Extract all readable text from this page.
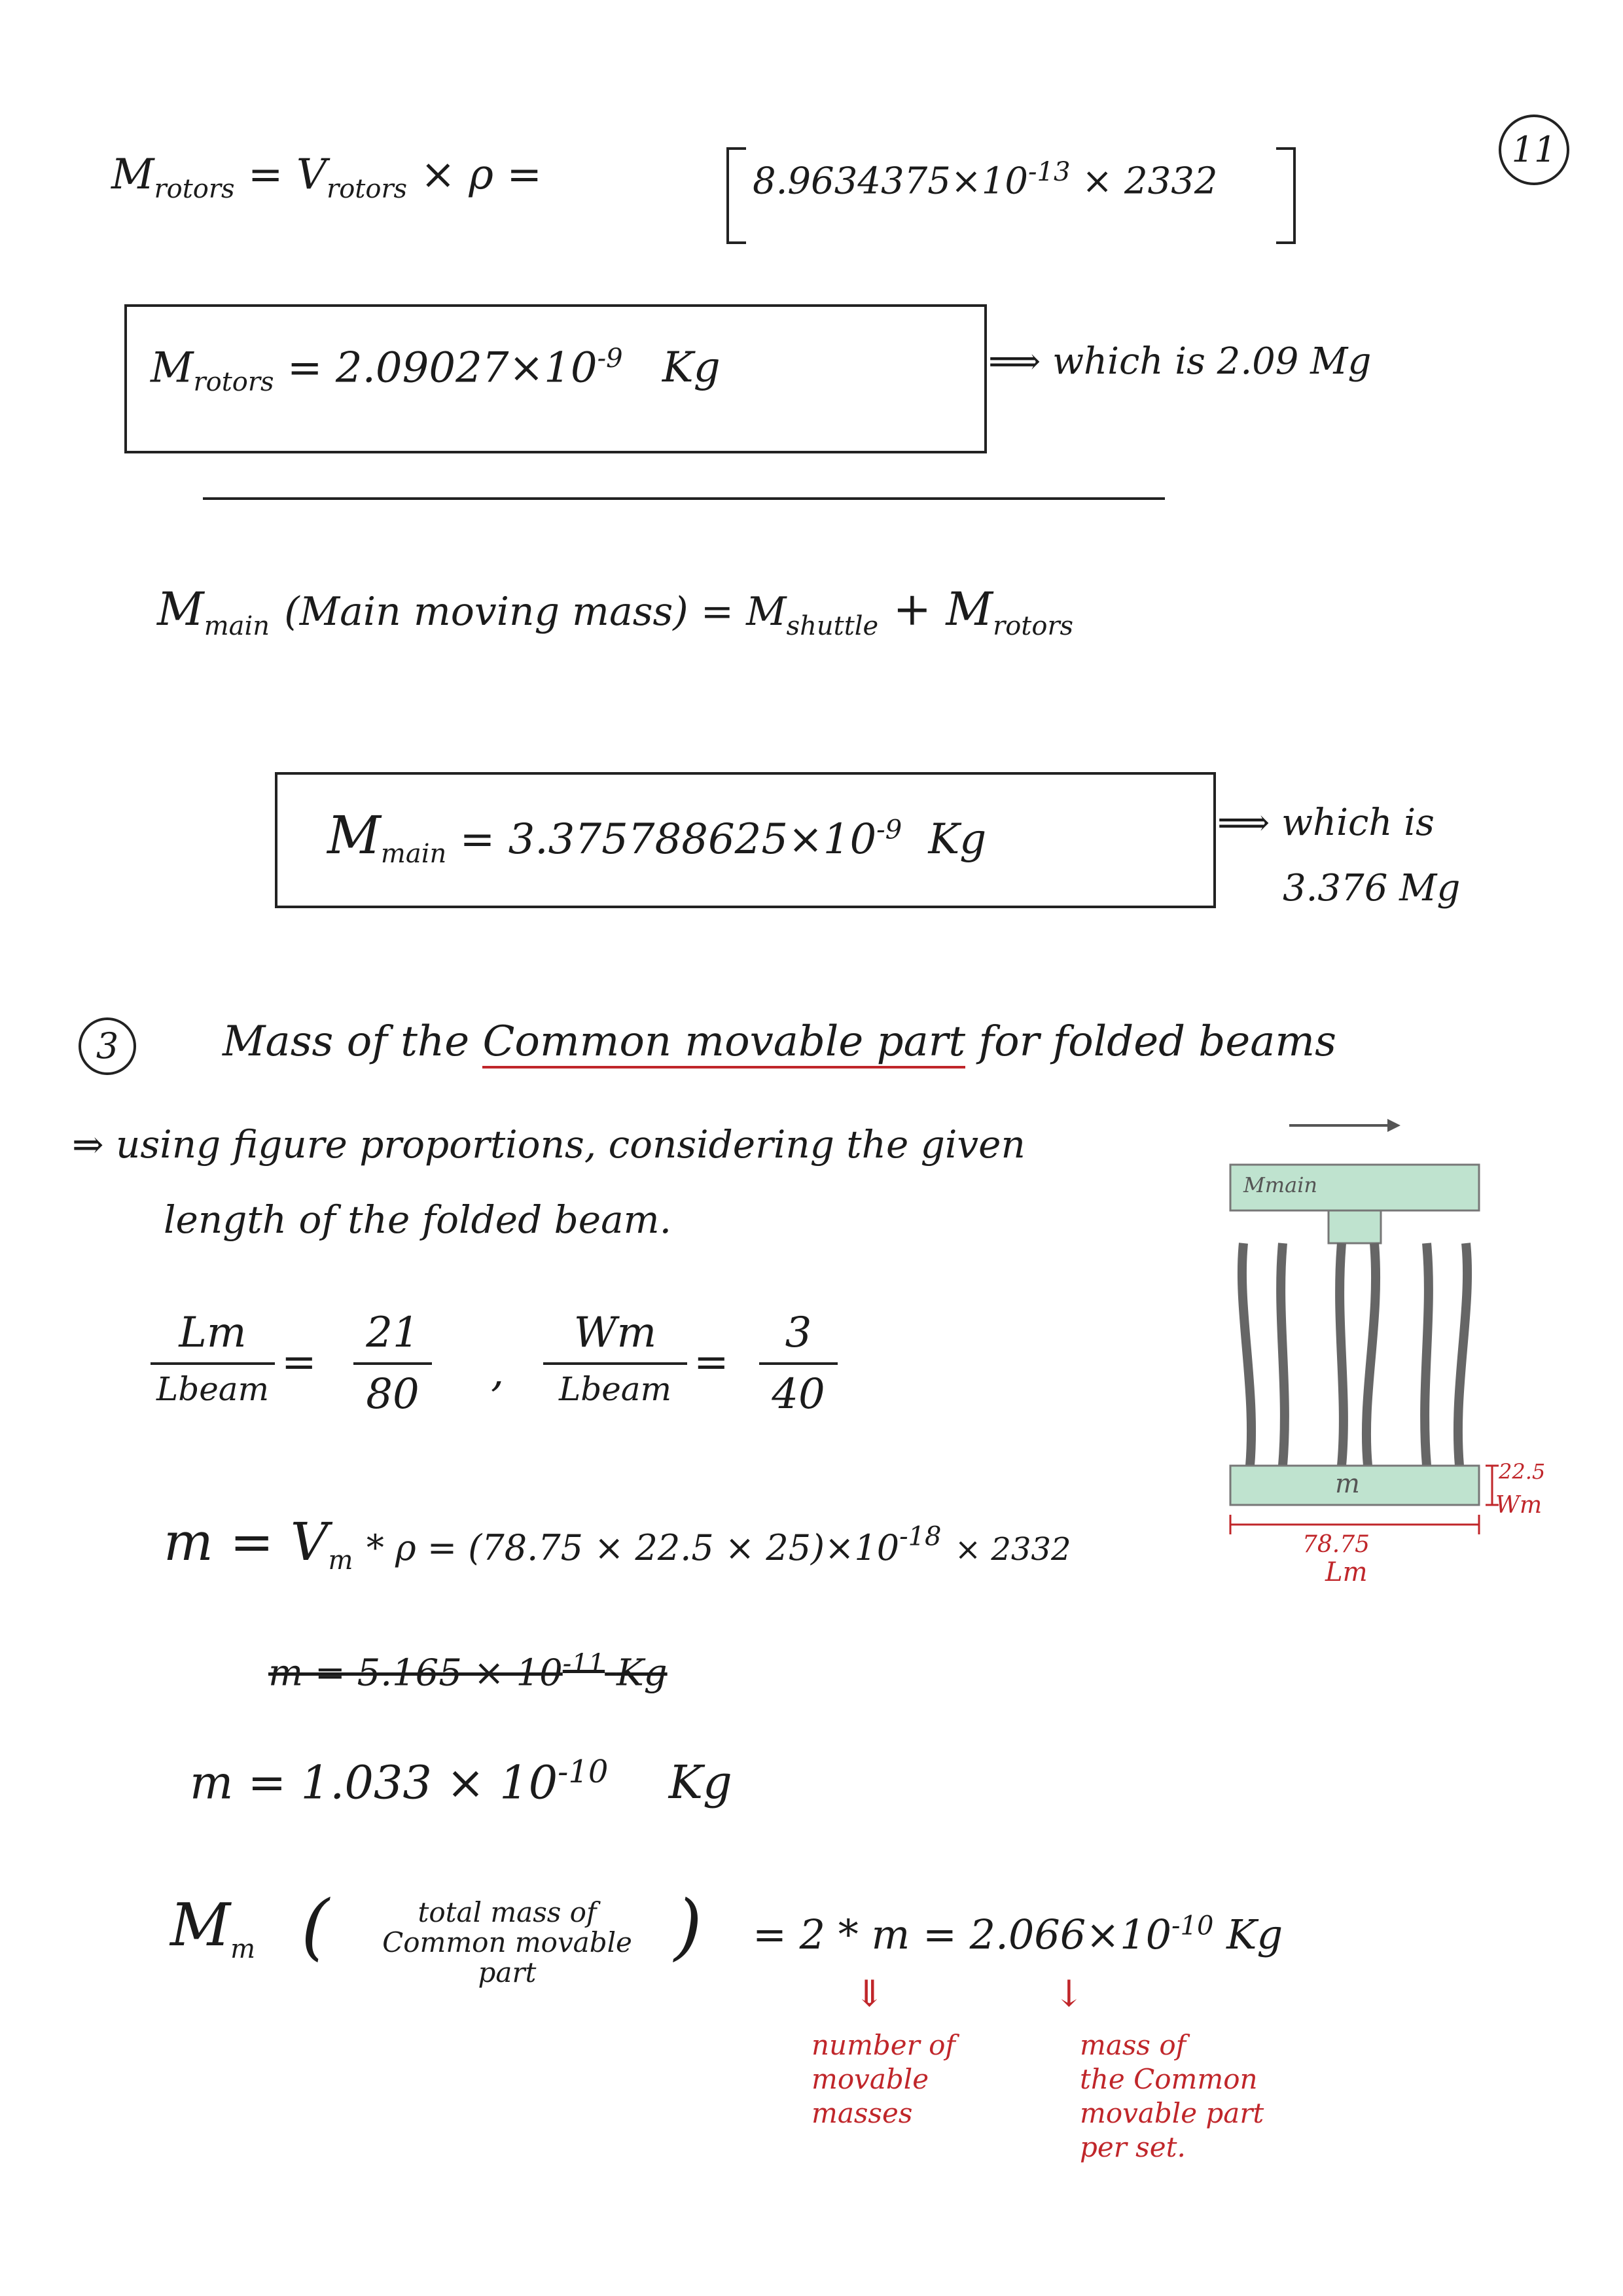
11
$M_{rotors} = V_{rotors} \times \rho$ =	$8.9634375\times 10^{-13} \times 2332$
$M_{rotors} = 2.09027\times 10^{-9}$ Kg	⟹ which is 2.09 Mg
$M_{main}$ (Main moving mass) = $M_{shuttle} + M_{rotors}$
$M_{main} = 3.375788625\times 10^{-9}$ Kg	⟹ which is
3.376 Mg
3	Mass of the Common movable part for folded beams
⇒ using figure proportions, considering the given
length of the folded beam.
Lm
Lbeam
=
21
80	,
Wm
Lbeam
=
3
40
$m = V_m * \rho = (78.75 \times 22.5 \times 25)\times 10^{-18} \times 2332$
$m = 5.165 \times 10^{-11}$ Kg
$m = 1.033 \times 10^{-10}$ Kg
$M_m$ (	total mass of
Common movable
part
) = $2 * m = 2.066\times 10^{-10}$ Kg
⇓
number of
movable
masses
↓
mass of
the Common
movable part
per set.
Mmain
m
78.75
Lm
22.5
Wm
